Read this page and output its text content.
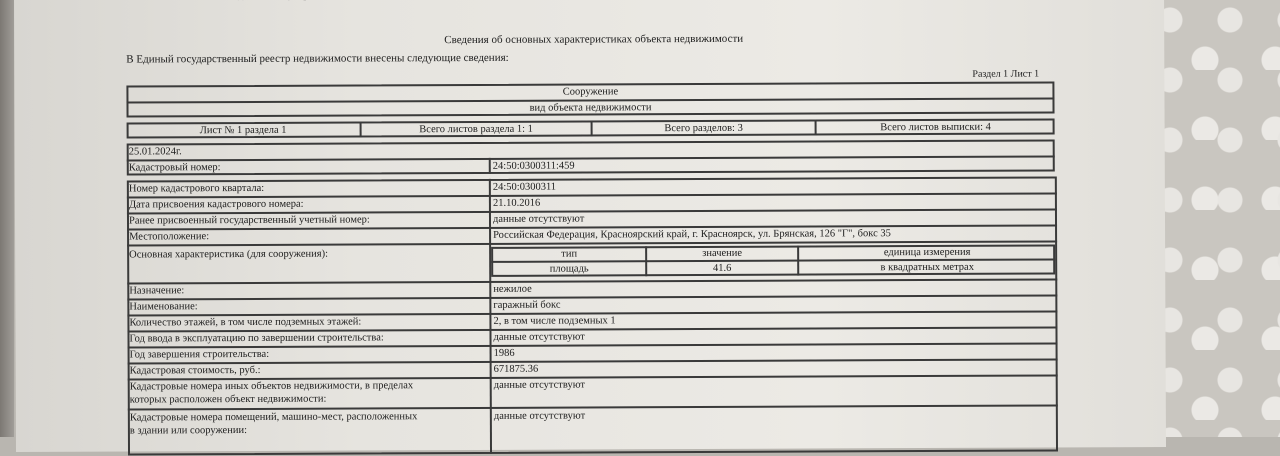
Сведения об основных характеристиках объекта недвижимости
В Единый государственный реестр недвижимости внесены следующие сведения:
Раздел 1 Лист 1
Сооружение
вид объекта недвижимости
Лист № 1 раздела 1	Всего листов раздела 1: 1	Всего разделов: 3	Всего листов выписки: 4
25.01.2024г.
Кадастровый номер:	24:50:0300311:459
Номер кадастрового квартала:	24:50:0300311
Дата присвоения кадастрового номера:	21.10.2016
Ранее присвоенный государственный учетный номер:	данные отсутствуют
Местоположение:	Российская Федерация, Красноярский край, г. Красноярск, ул. Брянская, 126 "Г", бокс 35
Основная характеристика (для сооружения):	тип	значение	единица измерения
площадь	41.6	в квадратных метрах
Назначение:	нежилое
Наименование:	гаражный бокс
Количество этажей, в том числе подземных этажей:	2, в том числе подземных 1
Год ввода в эксплуатацию по завершении строительства:	данные отсутствуют
Год завершения строительства:	1986
Кадастровая стоимость, руб.:	671875.36
Кадастровые номера иных объектов недвижимости, в пределах
которых расположен объект недвижимости:
данные отсутствуют
Кадастровые номера помещений, машино-мест, расположенных
в здании или сооружении:
данные отсутствуют
